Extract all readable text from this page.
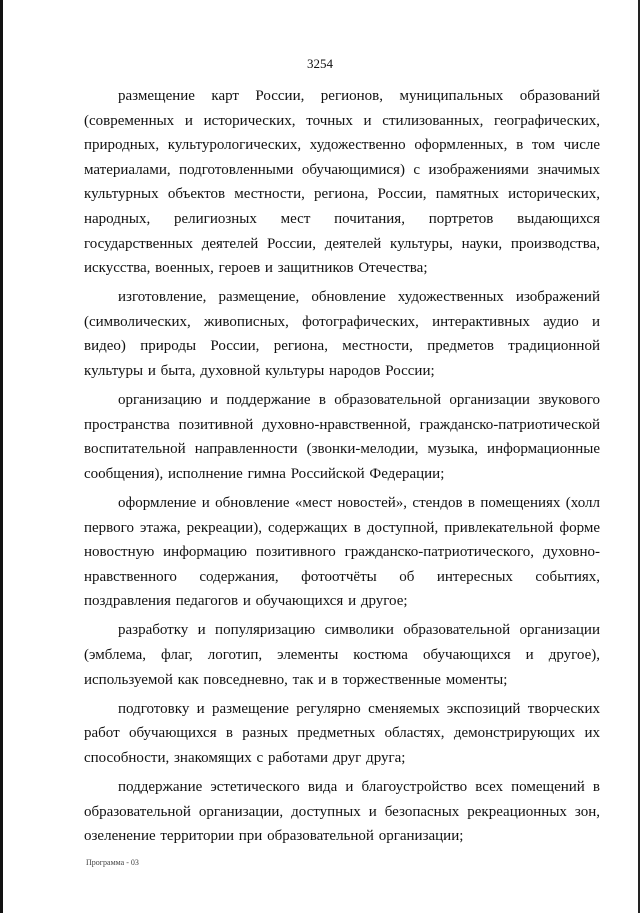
3254

размещение карт России, регионов, муниципальных образований (современных и исторических, точных и стилизованных, географических, природных, культурологических, художественно оформленных, в том числе материалами, подготовленными обучающимися) с изображениями значимых культурных объектов местности, региона, России, памятных исторических, народных, религиозных мест почитания, портретов выдающихся государственных деятелей России, деятелей культуры, науки, производства, искусства, военных, героев и защитников Отечества;

изготовление, размещение, обновление художественных изображений (символических, живописных, фотографических, интерактивных аудио и видео) природы России, региона, местности, предметов традиционной культуры и быта, духовной культуры народов России;

организацию и поддержание в образовательной организации звукового пространства позитивной духовно-нравственной, гражданско-патриотической воспитательной направленности (звонки-мелодии, музыка, информационные сообщения), исполнение гимна Российской Федерации;

оформление и обновление «мест новостей», стендов в помещениях (холл первого этажа, рекреации), содержащих в доступной, привлекательной форме новостную информацию позитивного гражданско-патриотического, духовно-нравственного содержания, фотоотчёты об интересных событиях, поздравления педагогов и обучающихся и другое;

разработку и популяризацию символики образовательной организации (эмблема, флаг, логотип, элементы костюма обучающихся и другое), используемой как повседневно, так и в торжественные моменты;

подготовку и размещение регулярно сменяемых экспозиций творческих работ обучающихся в разных предметных областях, демонстрирующих их способности, знакомящих с работами друг друга;

поддержание эстетического вида и благоустройство всех помещений в образовательной организации, доступных и безопасных рекреационных зон, озеленение территории при образовательной организации;

Программа - 03
